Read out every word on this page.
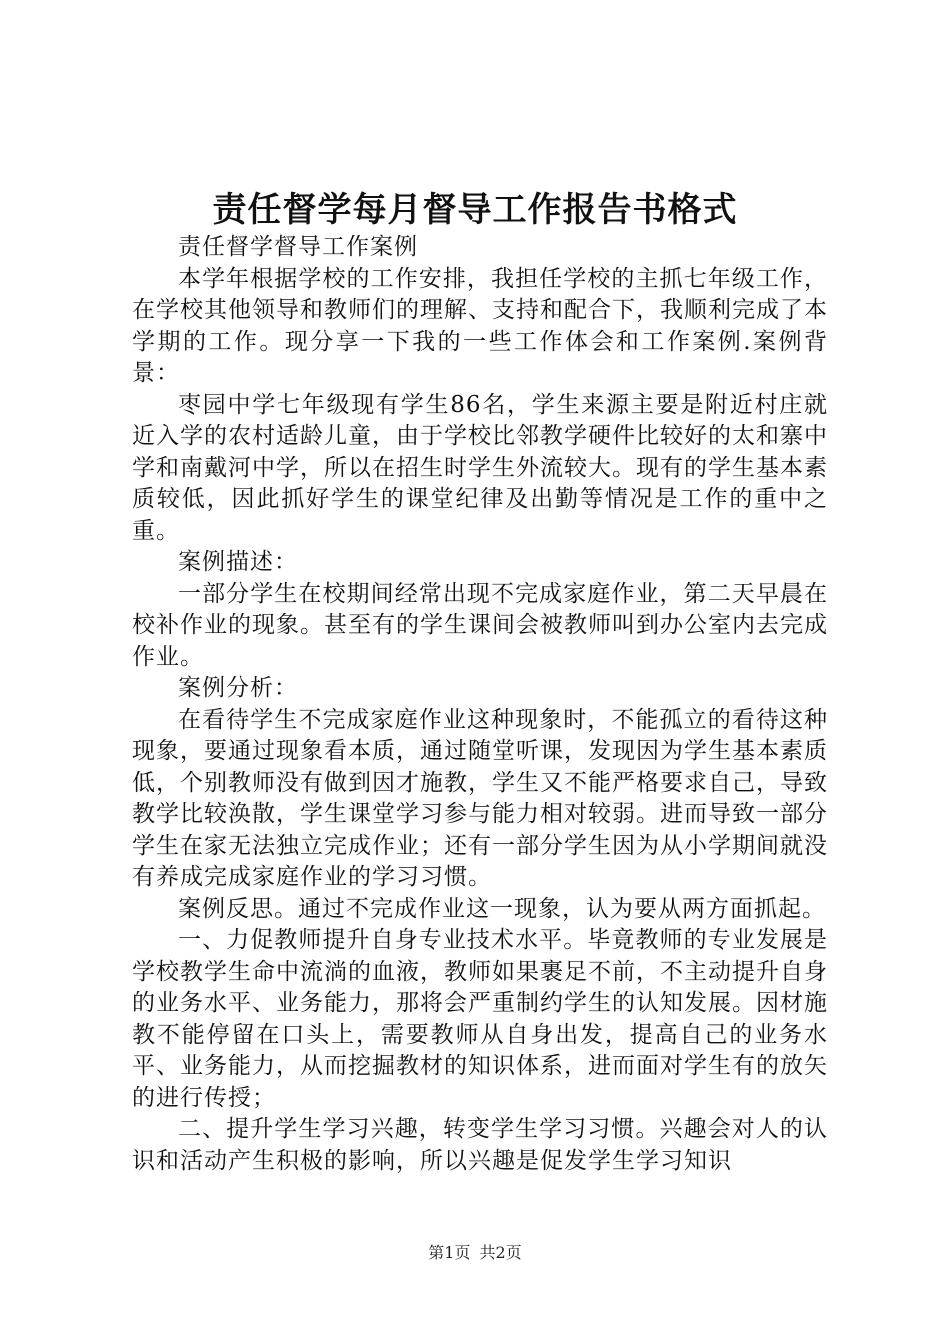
责任督学每月督导工作报告书格式

责任督学督导工作案例

本学年根据学校的工作安排，我担任学校的主抓七年级工作，在学校其他领导和教师们的理解、支持和配合下，我顺利完成了本学期的工作。现分享一下我的一些工作体会和工作案例.案例背景：

枣园中学七年级现有学生86名，学生来源主要是附近村庄就近入学的农村适龄儿童，由于学校比邻教学硬件比较好的太和寨中学和南戴河中学，所以在招生时学生外流较大。现有的学生基本素质较低，因此抓好学生的课堂纪律及出勤等情况是工作的重中之重。

案例描述：

一部分学生在校期间经常出现不完成家庭作业，第二天早晨在校补作业的现象。甚至有的学生课间会被教师叫到办公室内去完成作业。

案例分析：

在看待学生不完成家庭作业这种现象时，不能孤立的看待这种现象，要通过现象看本质，通过随堂听课，发现因为学生基本素质低，个别教师没有做到因才施教，学生又不能严格要求自己，导致教学比较涣散，学生课堂学习参与能力相对较弱。进而导致一部分学生在家无法独立完成作业；还有一部分学生因为从小学期间就没有养成完成家庭作业的学习习惯。

案例反思。通过不完成作业这一现象，认为要从两方面抓起。

一、力促教师提升自身专业技术水平。毕竟教师的专业发展是学校教学生命中流淌的血液，教师如果裹足不前，不主动提升自身的业务水平、业务能力，那将会严重制约学生的认知发展。因材施教不能停留在口头上，需要教师从自身出发，提高自己的业务水平、业务能力，从而挖掘教材的知识体系，进而面对学生有的放矢的进行传授；

二、提升学生学习兴趣，转变学生学习习惯。兴趣会对人的认识和活动产生积极的影响，所以兴趣是促发学生学习知识

第1页 共2页
